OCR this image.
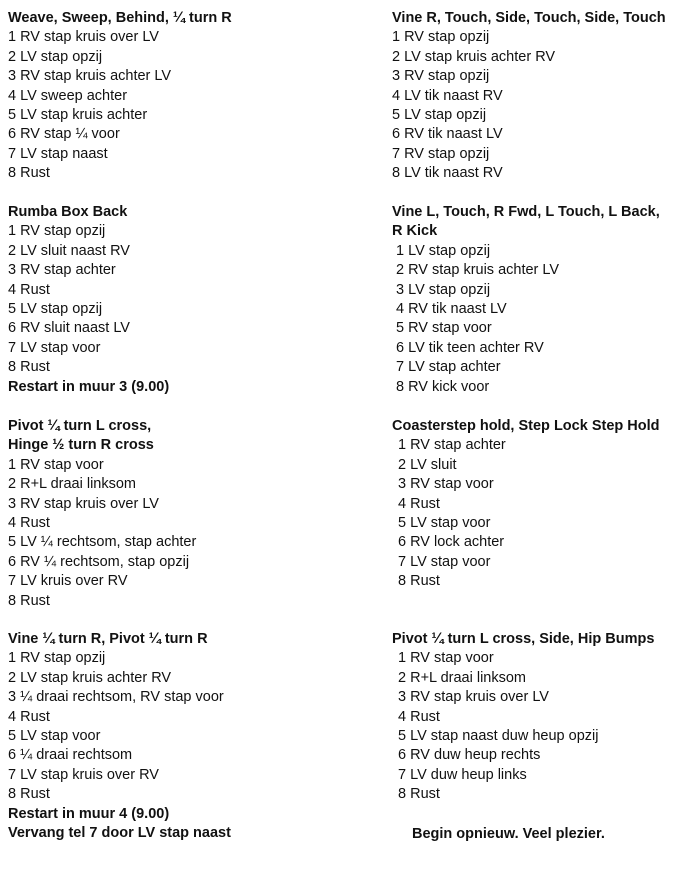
Weave, Sweep, Behind, ¼ turn R
1 RV stap kruis over LV
2 LV stap opzij
3 RV stap kruis achter LV
4 LV sweep achter
5 LV stap kruis achter
6 RV stap ¼ voor
7 LV stap naast
8 Rust
Rumba Box Back
1 RV stap opzij
2 LV sluit naast RV
3 RV stap achter
4 Rust
5 LV stap opzij
6 RV sluit naast LV
7 LV stap voor
8 Rust
Restart in muur 3 (9.00)
Pivot ¼ turn L cross,
Hinge ½ turn R cross
1 RV stap voor
2 R+L draai linksom
3 RV stap kruis over LV
4 Rust
5 LV ¼ rechtsom, stap achter
6 RV ¼ rechtsom, stap opzij
7 LV kruis over RV
8 Rust
Vine ¼ turn R, Pivot ¼ turn R
1 RV stap opzij
2 LV stap kruis achter RV
3 ¼ draai rechtsom, RV stap voor
4 Rust
5 LV stap voor
6 ¼ draai rechtsom
7 LV stap kruis over RV
8 Rust
Restart in muur 4 (9.00)
Vervang tel 7 door LV stap naast
Vine R, Touch, Side, Touch, Side, Touch
1 RV stap opzij
2 LV stap kruis achter RV
3 RV stap opzij
4 LV tik naast RV
5 LV stap opzij
6 RV tik naast LV
7 RV stap opzij
8 LV tik naast RV
Vine L, Touch, R Fwd, L Touch, L Back,
R Kick
1 LV stap opzij
2 RV stap kruis achter LV
3 LV stap opzij
4 RV tik naast LV
5 RV stap voor
6 LV tik teen achter RV
7 LV stap achter
8 RV kick voor
Coasterstep hold, Step Lock Step Hold
1 RV stap achter
2 LV sluit
3 RV stap voor
4 Rust
5 LV stap voor
6 RV lock achter
7 LV stap voor
8 Rust
Pivot ¼ turn L cross, Side, Hip Bumps
1 RV stap voor
2 R+L draai linksom
3 RV stap kruis over LV
4 Rust
5 LV stap naast duw heup opzij
6 RV duw heup rechts
7 LV duw heup links
8 Rust
Begin opnieuw. Veel plezier.
